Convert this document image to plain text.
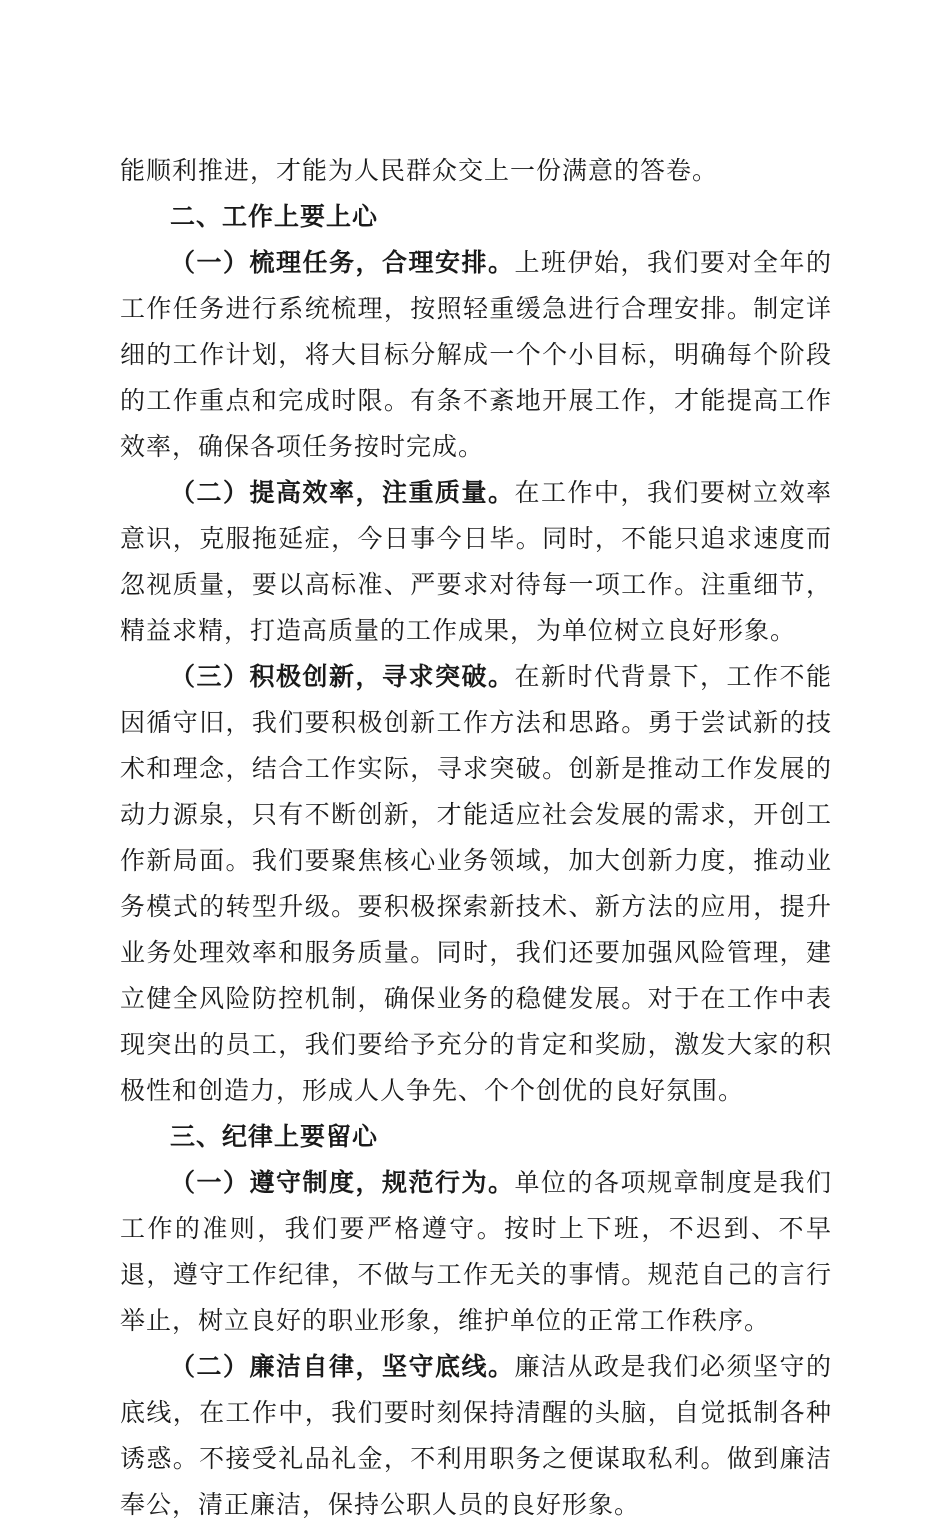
能顺利推进，才能为人民群众交上一份满意的答卷。

二、工作上要上心

（一）梳理任务，合理安排。上班伊始，我们要对全年的工作任务进行系统梳理，按照轻重缓急进行合理安排。制定详细的工作计划，将大目标分解成一个个小目标，明确每个阶段的工作重点和完成时限。有条不紊地开展工作，才能提高工作效率，确保各项任务按时完成。

（二）提高效率，注重质量。在工作中，我们要树立效率意识，克服拖延症，今日事今日毕。同时，不能只追求速度而忽视质量，要以高标准、严要求对待每一项工作。注重细节，精益求精，打造高质量的工作成果，为单位树立良好形象。

（三）积极创新，寻求突破。在新时代背景下，工作不能因循守旧，我们要积极创新工作方法和思路。勇于尝试新的技术和理念，结合工作实际，寻求突破。创新是推动工作发展的动力源泉，只有不断创新，才能适应社会发展的需求，开创工作新局面。我们要聚焦核心业务领域，加大创新力度，推动业务模式的转型升级。要积极探索新技术、新方法的应用，提升业务处理效率和服务质量。同时，我们还要加强风险管理，建立健全风险防控机制，确保业务的稳健发展。对于在工作中表现突出的员工，我们要给予充分的肯定和奖励，激发大家的积极性和创造力，形成人人争先、个个创优的良好氛围。

三、纪律上要留心

（一）遵守制度，规范行为。单位的各项规章制度是我们工作的准则，我们要严格遵守。按时上下班，不迟到、不早退，遵守工作纪律，不做与工作无关的事情。规范自己的言行举止，树立良好的职业形象，维护单位的正常工作秩序。

（二）廉洁自律，坚守底线。廉洁从政是我们必须坚守的底线，在工作中，我们要时刻保持清醒的头脑，自觉抵制各种诱惑。不接受礼品礼金，不利用职务之便谋取私利。做到廉洁奉公，清正廉洁，保持公职人员的良好形象。
